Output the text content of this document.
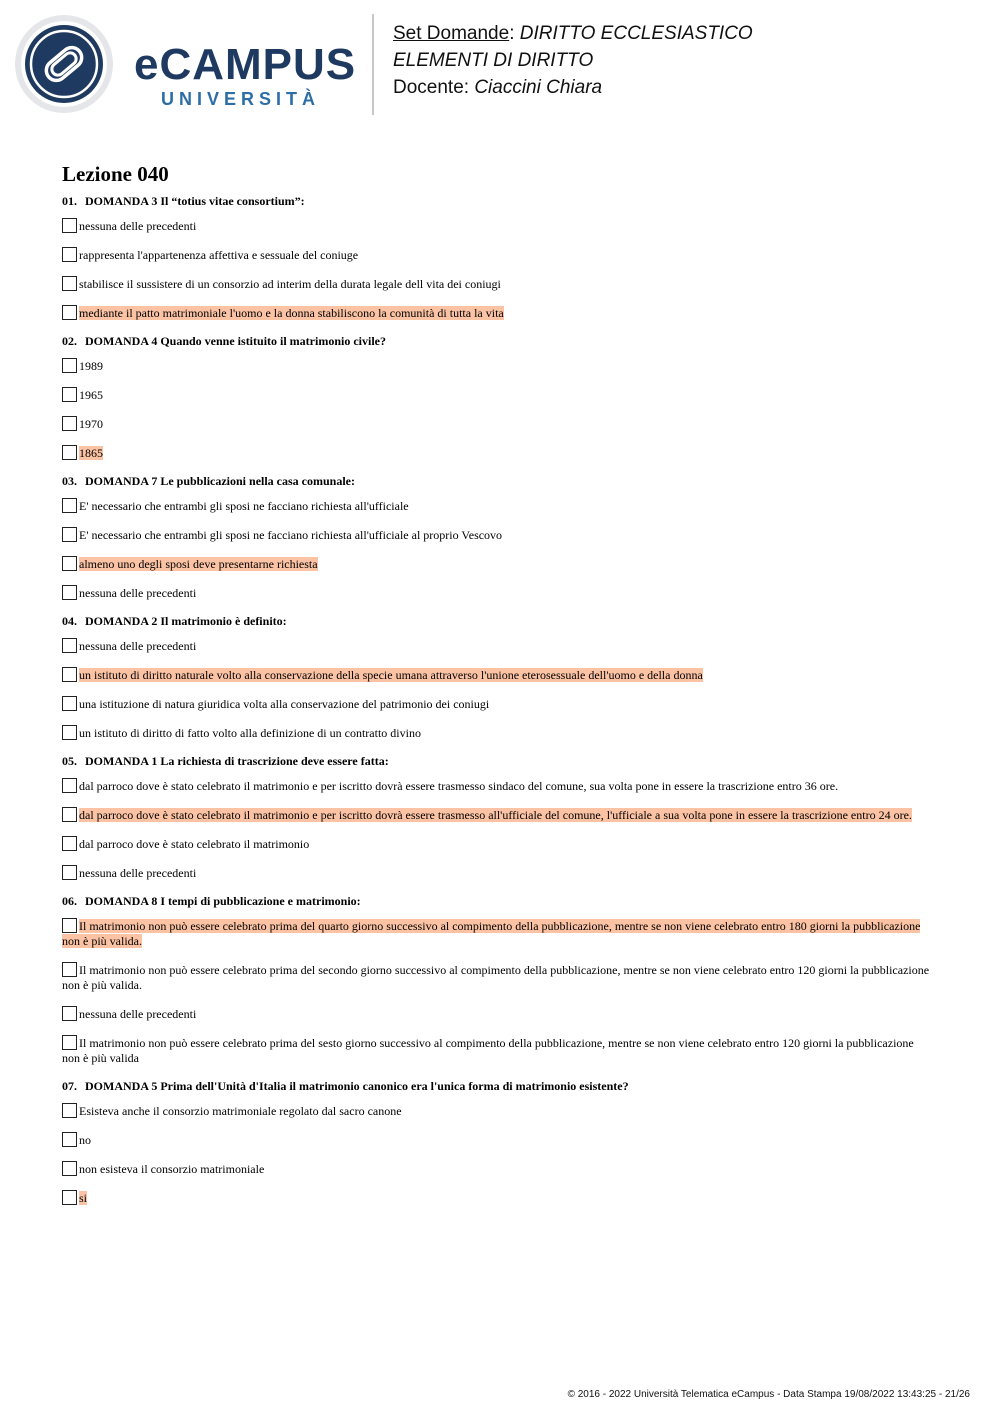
eCAMPUS
UNIVERSITÀ
Set Domande: DIRITTO ECCLESIASTICO
ELEMENTI DI DIRITTO
Docente: Ciaccini Chiara
Lezione 040
01. DOMANDA 3 Il “totius vitae consortium”:
nessuna delle precedenti
rappresenta l'appartenenza affettiva e sessuale del coniuge
stabilisce il sussistere di un consorzio ad interim della durata legale dell vita dei coniugi
mediante il patto matrimoniale l'uomo e la donna stabiliscono la comunità di tutta la vita
02. DOMANDA 4 Quando venne istituito il matrimonio civile?
1989
1965
1970
1865
03. DOMANDA 7 Le pubblicazioni nella casa comunale:
E' necessario che entrambi gli sposi ne facciano richiesta all'ufficiale
E' necessario che entrambi gli sposi ne facciano richiesta all'ufficiale al proprio Vescovo
almeno uno degli sposi deve presentarne richiesta
nessuna delle precedenti
04. DOMANDA 2 Il matrimonio è definito:
nessuna delle precedenti
un istituto di diritto naturale volto alla conservazione della specie umana attraverso l'unione eterosessuale dell'uomo e della donna
una istituzione di natura giuridica volta alla conservazione del patrimonio dei coniugi
un istituto di diritto di fatto volto alla definizione di un contratto divino
05. DOMANDA 1 La richiesta di trascrizione deve essere fatta:
dal parroco dove è stato celebrato il matrimonio e per iscritto dovrà essere trasmesso sindaco del comune, sua volta pone in essere la trascrizione entro 36 ore.
dal parroco dove è stato celebrato il matrimonio e per iscritto dovrà essere trasmesso all'ufficiale del comune, l'ufficiale a sua volta pone in essere la trascrizione entro 24 ore.
dal parroco dove è stato celebrato il matrimonio
nessuna delle precedenti
06. DOMANDA 8 I tempi di pubblicazione e matrimonio:
Il matrimonio non può essere celebrato prima del quarto giorno successivo al compimento della pubblicazione, mentre se non viene celebrato entro 180 giorni la pubblicazione non è più valida.
Il matrimonio non può essere celebrato prima del secondo giorno successivo al compimento della pubblicazione, mentre se non viene celebrato entro 120 giorni la pubblicazione non è più valida.
nessuna delle precedenti
Il matrimonio non può essere celebrato prima del sesto giorno successivo al compimento della pubblicazione, mentre se non viene celebrato entro 120 giorni la pubblicazione non è più valida
07. DOMANDA 5 Prima dell'Unità d'Italia il matrimonio canonico era l'unica forma di matrimonio esistente?
Esisteva anche il consorzio matrimoniale regolato dal sacro canone
no
non esisteva il consorzio matrimoniale
si
© 2016 - 2022 Università Telematica eCampus - Data Stampa 19/08/2022 13:43:25 - 21/26
